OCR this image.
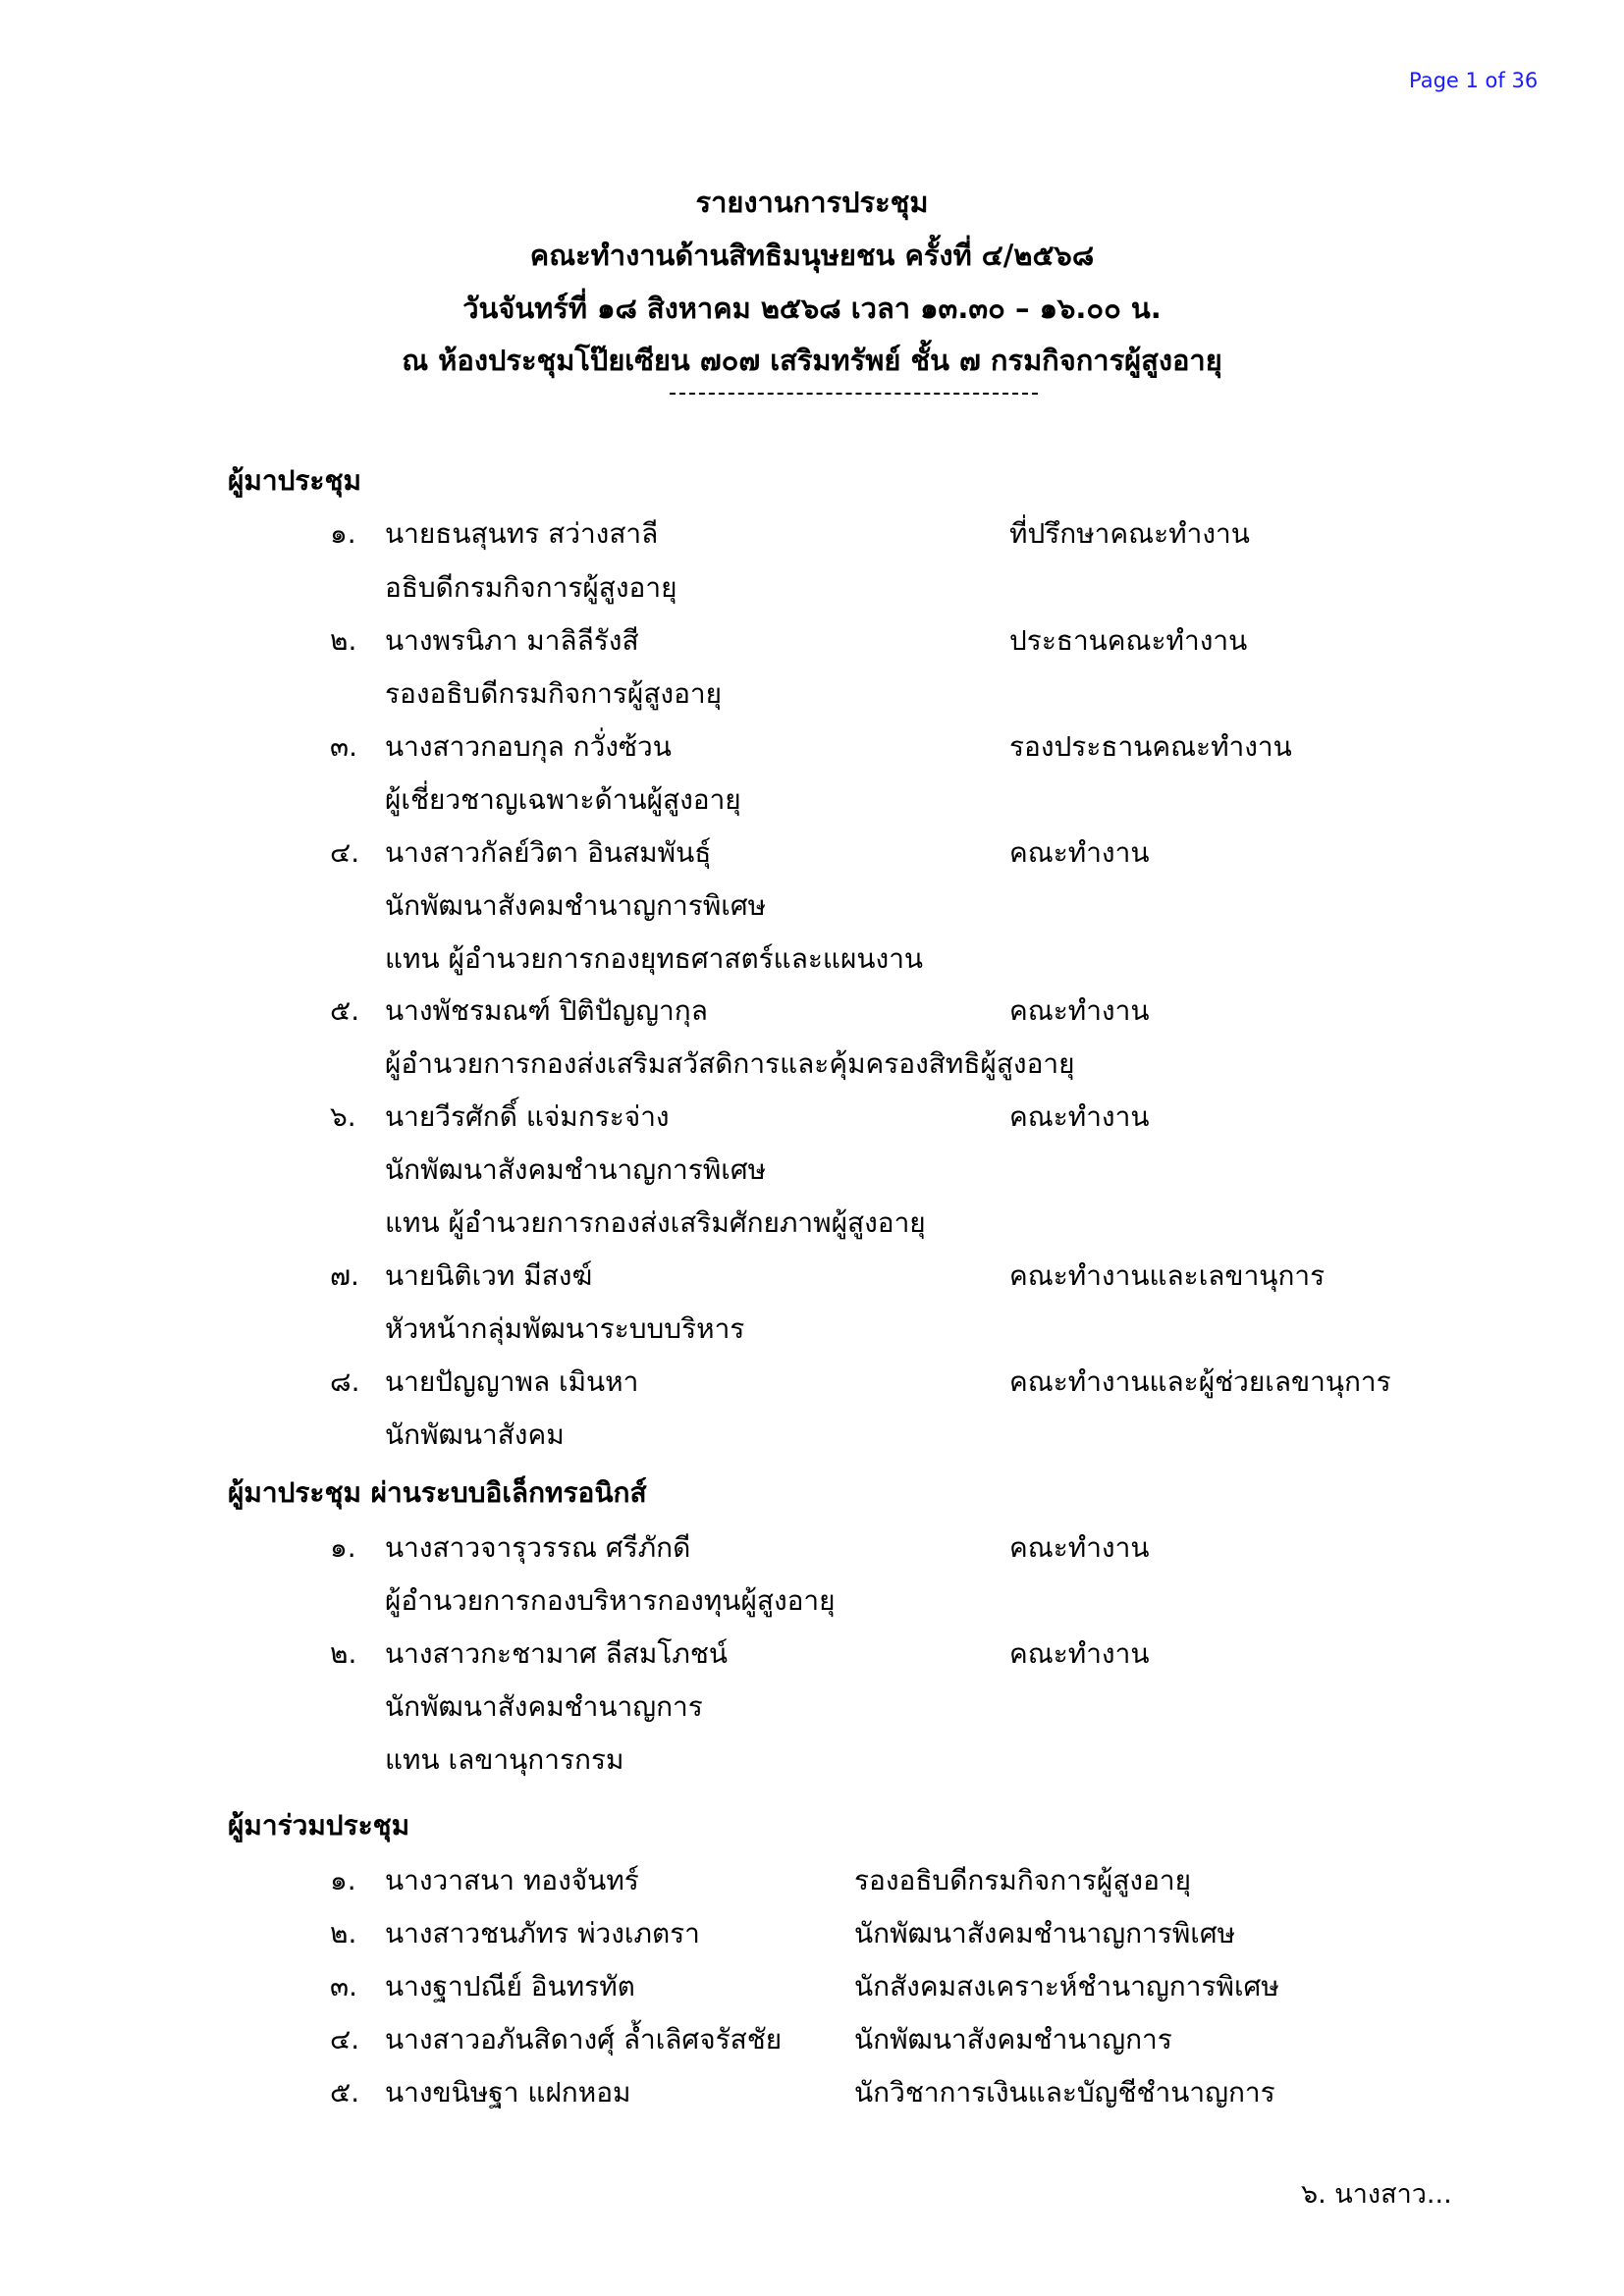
Page 1 of 36
รายงานการประชุม
คณะทำงานด้านสิทธิมนุษยชน ครั้งที่ ๔/๒๕๖๘
วันจันทร์ที่ ๑๘ สิงหาคม ๒๕๖๘ เวลา ๑๓.๓๐ – ๑๖.๐๐ น.
ณ ห้องประชุมโป๊ยเซียน ๗๐๗ เสริมทรัพย์ ชั้น ๗ กรมกิจการผู้สูงอายุ
ผู้มาประชุม
๑. นายธนสุนทร สว่างสาลี	ที่ปรึกษาคณะทำงาน
อธิบดีกรมกิจการผู้สูงอายุ
๒. นางพรนิภา มาลิลีรังสี	ประธานคณะทำงาน
รองอธิบดีกรมกิจการผู้สูงอายุ
๓. นางสาวกอบกุล กวั่งซ้วน	รองประธานคณะทำงาน
ผู้เชี่ยวชาญเฉพาะด้านผู้สูงอายุ
๔. นางสาวกัลย์วิตา อินสมพันธุ์	คณะทำงาน
นักพัฒนาสังคมชำนาญการพิเศษ
แทน ผู้อำนวยการกองยุทธศาสตร์และแผนงาน
๕. นางพัชรมณฑ์ ปิติปัญญากุล	คณะทำงาน
ผู้อำนวยการกองส่งเสริมสวัสดิการและคุ้มครองสิทธิผู้สูงอายุ
๖. นายวีรศักดิ์ แจ่มกระจ่าง	คณะทำงาน
นักพัฒนาสังคมชำนาญการพิเศษ
แทน ผู้อำนวยการกองส่งเสริมศักยภาพผู้สูงอายุ
๗. นายนิติเวท มีสงฆ์	คณะทำงานและเลขานุการ
หัวหน้ากลุ่มพัฒนาระบบบริหาร
๘. นายปัญญาพล เมินหา	คณะทำงานและผู้ช่วยเลขานุการ
นักพัฒนาสังคม
ผู้มาประชุม ผ่านระบบอิเล็กทรอนิกส์
๑. นางสาวจารุวรรณ ศรีภักดี	คณะทำงาน
ผู้อำนวยการกองบริหารกองทุนผู้สูงอายุ
๒. นางสาวกะชามาศ ลีสมโภชน์	คณะทำงาน
นักพัฒนาสังคมชำนาญการ
แทน เลขานุการกรม
ผู้มาร่วมประชุม
๑. นางวาสนา ทองจันทร์	รองอธิบดีกรมกิจการผู้สูงอายุ
๒. นางสาวชนภัทร พ่วงเภตรา	นักพัฒนาสังคมชำนาญการพิเศษ
๓. นางฐาปณีย์ อินทรทัต	นักสังคมสงเคราะห์ชำนาญการพิเศษ
๔. นางสาวอภันสิดางศุ์ ล้ำเลิศจรัสชัย	นักพัฒนาสังคมชำนาญการ
๕. นางขนิษฐา แฝกหอม	นักวิชาการเงินและบัญชีชำนาญการ
๖. นางสาว...
